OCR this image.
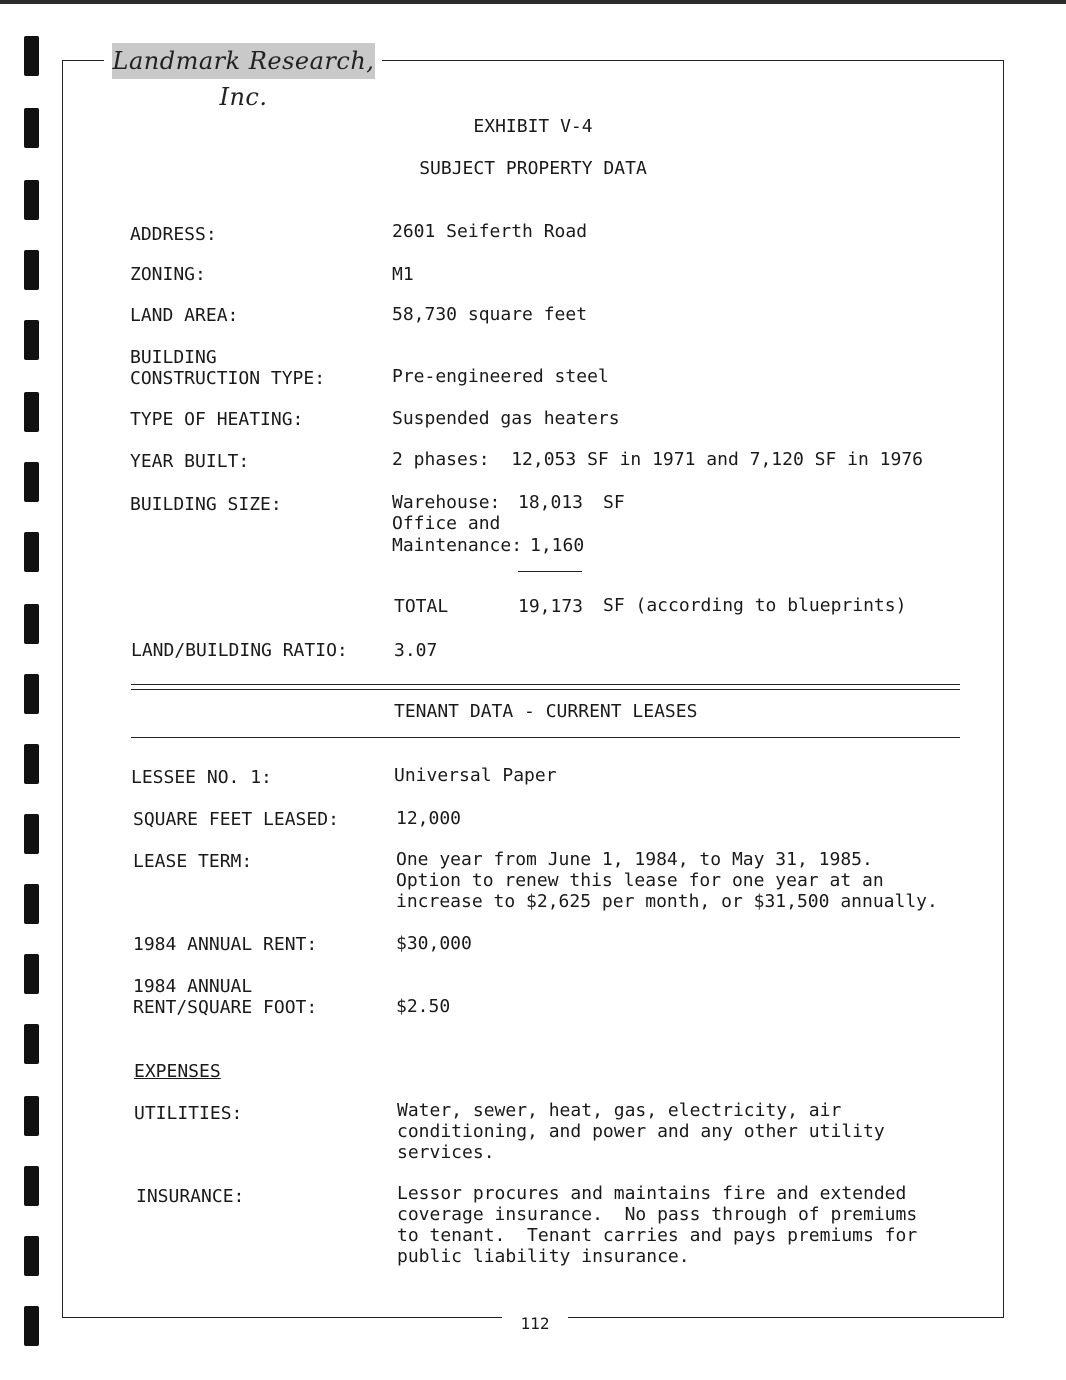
Landmark Research, Inc.
EXHIBIT V-4
SUBJECT PROPERTY DATA
ADDRESS:	2601 Seiferth Road
ZONING:	M1
LAND AREA:	58,730 square feet
BUILDING
CONSTRUCTION TYPE:	Pre-engineered steel
TYPE OF HEATING:	Suspended gas heaters
YEAR BUILT:	2 phases:  12,053 SF in 1971 and 7,120 SF in 1976
BUILDING SIZE:	Warehouse: 18,013 SF
Office and
Maintenance: 1,160
TOTAL	19,173 SF (according to blueprints)
LAND/BUILDING RATIO:	3.07
TENANT DATA - CURRENT LEASES
LESSEE NO. 1:	Universal Paper
SQUARE FEET LEASED:	12,000
LEASE TERM:	One year from June 1, 1984, to May 31, 1985.
Option to renew this lease for one year at an
increase to $2,625 per month, or $31,500 annually.
1984 ANNUAL RENT:	$30,000
1984 ANNUAL
RENT/SQUARE FOOT:	$2.50
EXPENSES
UTILITIES:	Water, sewer, heat, gas, electricity, air
conditioning, and power and any other utility
services.
INSURANCE:	Lessor procures and maintains fire and extended
coverage insurance.  No pass through of premiums
to tenant.  Tenant carries and pays premiums for
public liability insurance.
112
